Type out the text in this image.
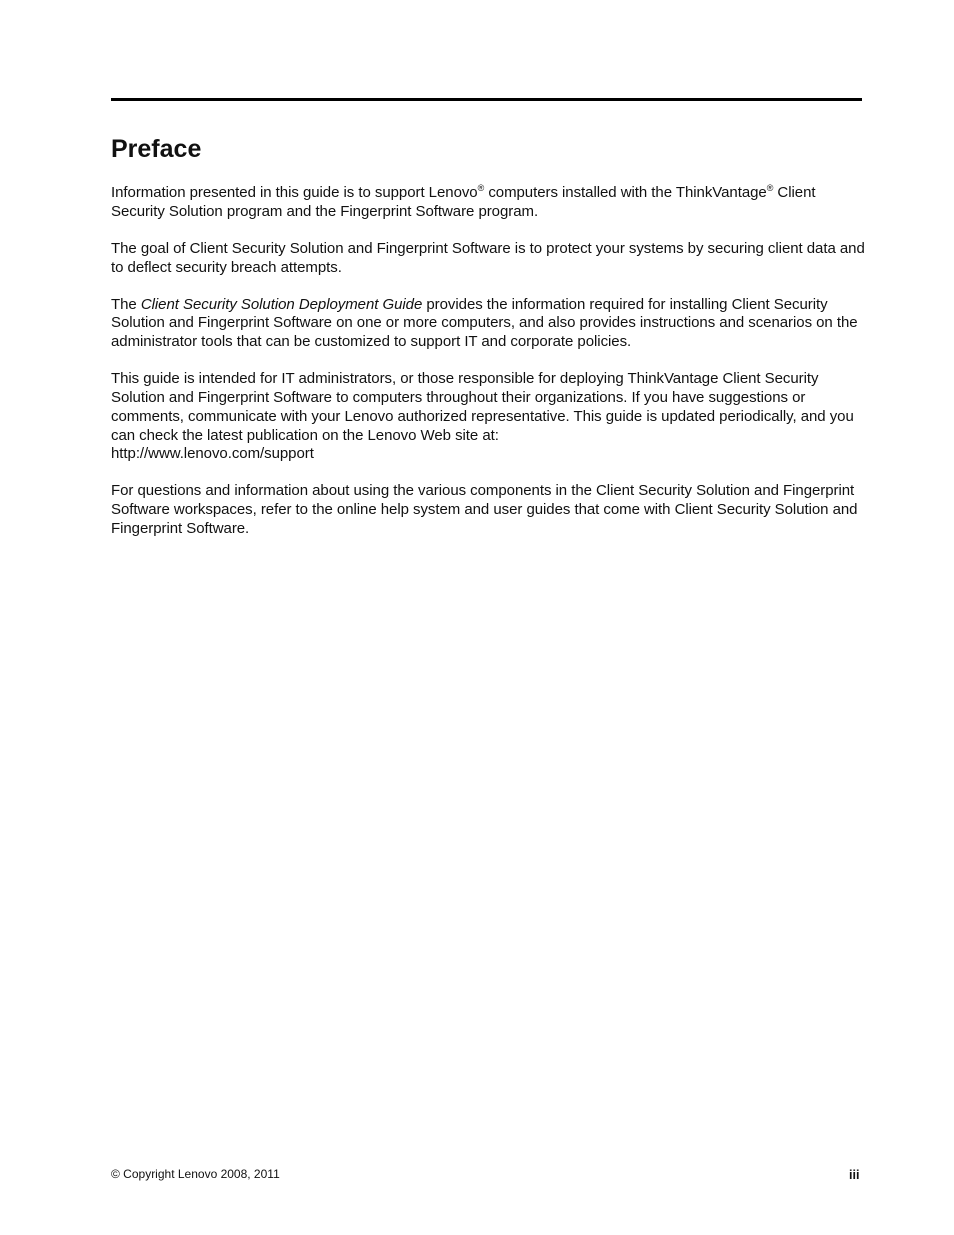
Preface

Information presented in this guide is to support Lenovo® computers installed with the ThinkVantage® Client Security Solution program and the Fingerprint Software program.

The goal of Client Security Solution and Fingerprint Software is to protect your systems by securing client data and to deflect security breach attempts.

The Client Security Solution Deployment Guide provides the information required for installing Client Security Solution and Fingerprint Software on one or more computers, and also provides instructions and scenarios on the administrator tools that can be customized to support IT and corporate policies.

This guide is intended for IT administrators, or those responsible for deploying ThinkVantage Client Security Solution and Fingerprint Software to computers throughout their organizations. If you have suggestions or comments, communicate with your Lenovo authorized representative. This guide is updated periodically, and you can check the latest publication on the Lenovo Web site at:
http://www.lenovo.com/support

For questions and information about using the various components in the Client Security Solution and Fingerprint Software workspaces, refer to the online help system and user guides that come with Client Security Solution and Fingerprint Software.

© Copyright Lenovo 2008, 2011	iii
